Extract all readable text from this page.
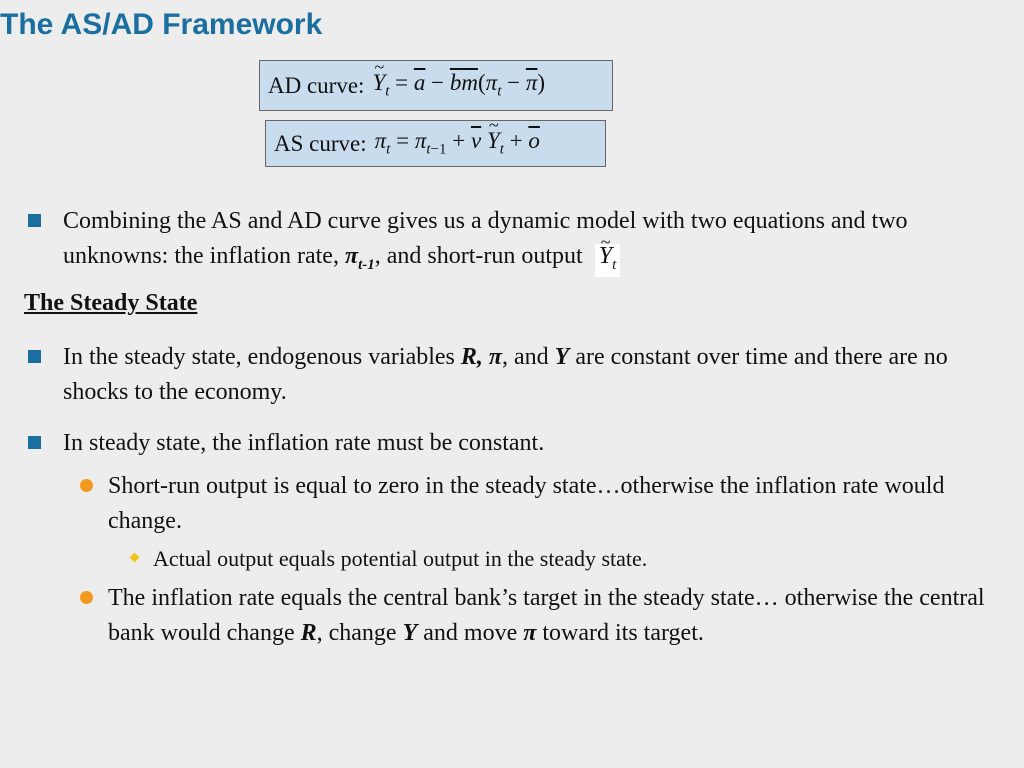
The AS/AD Framework
AD curve: ~ $Y_t = \overline{a} - \overline{b}\overline{m}(\pi_t - \overline{\pi})$
AS curve: $\pi_t = \pi_{t-1} + \overline{v}$ ~ $Y_t + \overline{o}$
Combining the AS and AD curve gives us a dynamic model with two equations and two unknowns: the inflation rate, $\pi_{t-1}$, and short-run output ~ $Y_t$
The Steady State
In the steady state, endogenous variables R, π, and Y are constant over time and there are no shocks to the economy.
In steady state, the inflation rate must be constant.
Short-run output is equal to zero in the steady state…otherwise the inflation rate would change.
Actual output equals potential output in the steady state.
The inflation rate equals the central bank’s target in the steady state… otherwise the central bank would change R, change Y and move π toward its target.
